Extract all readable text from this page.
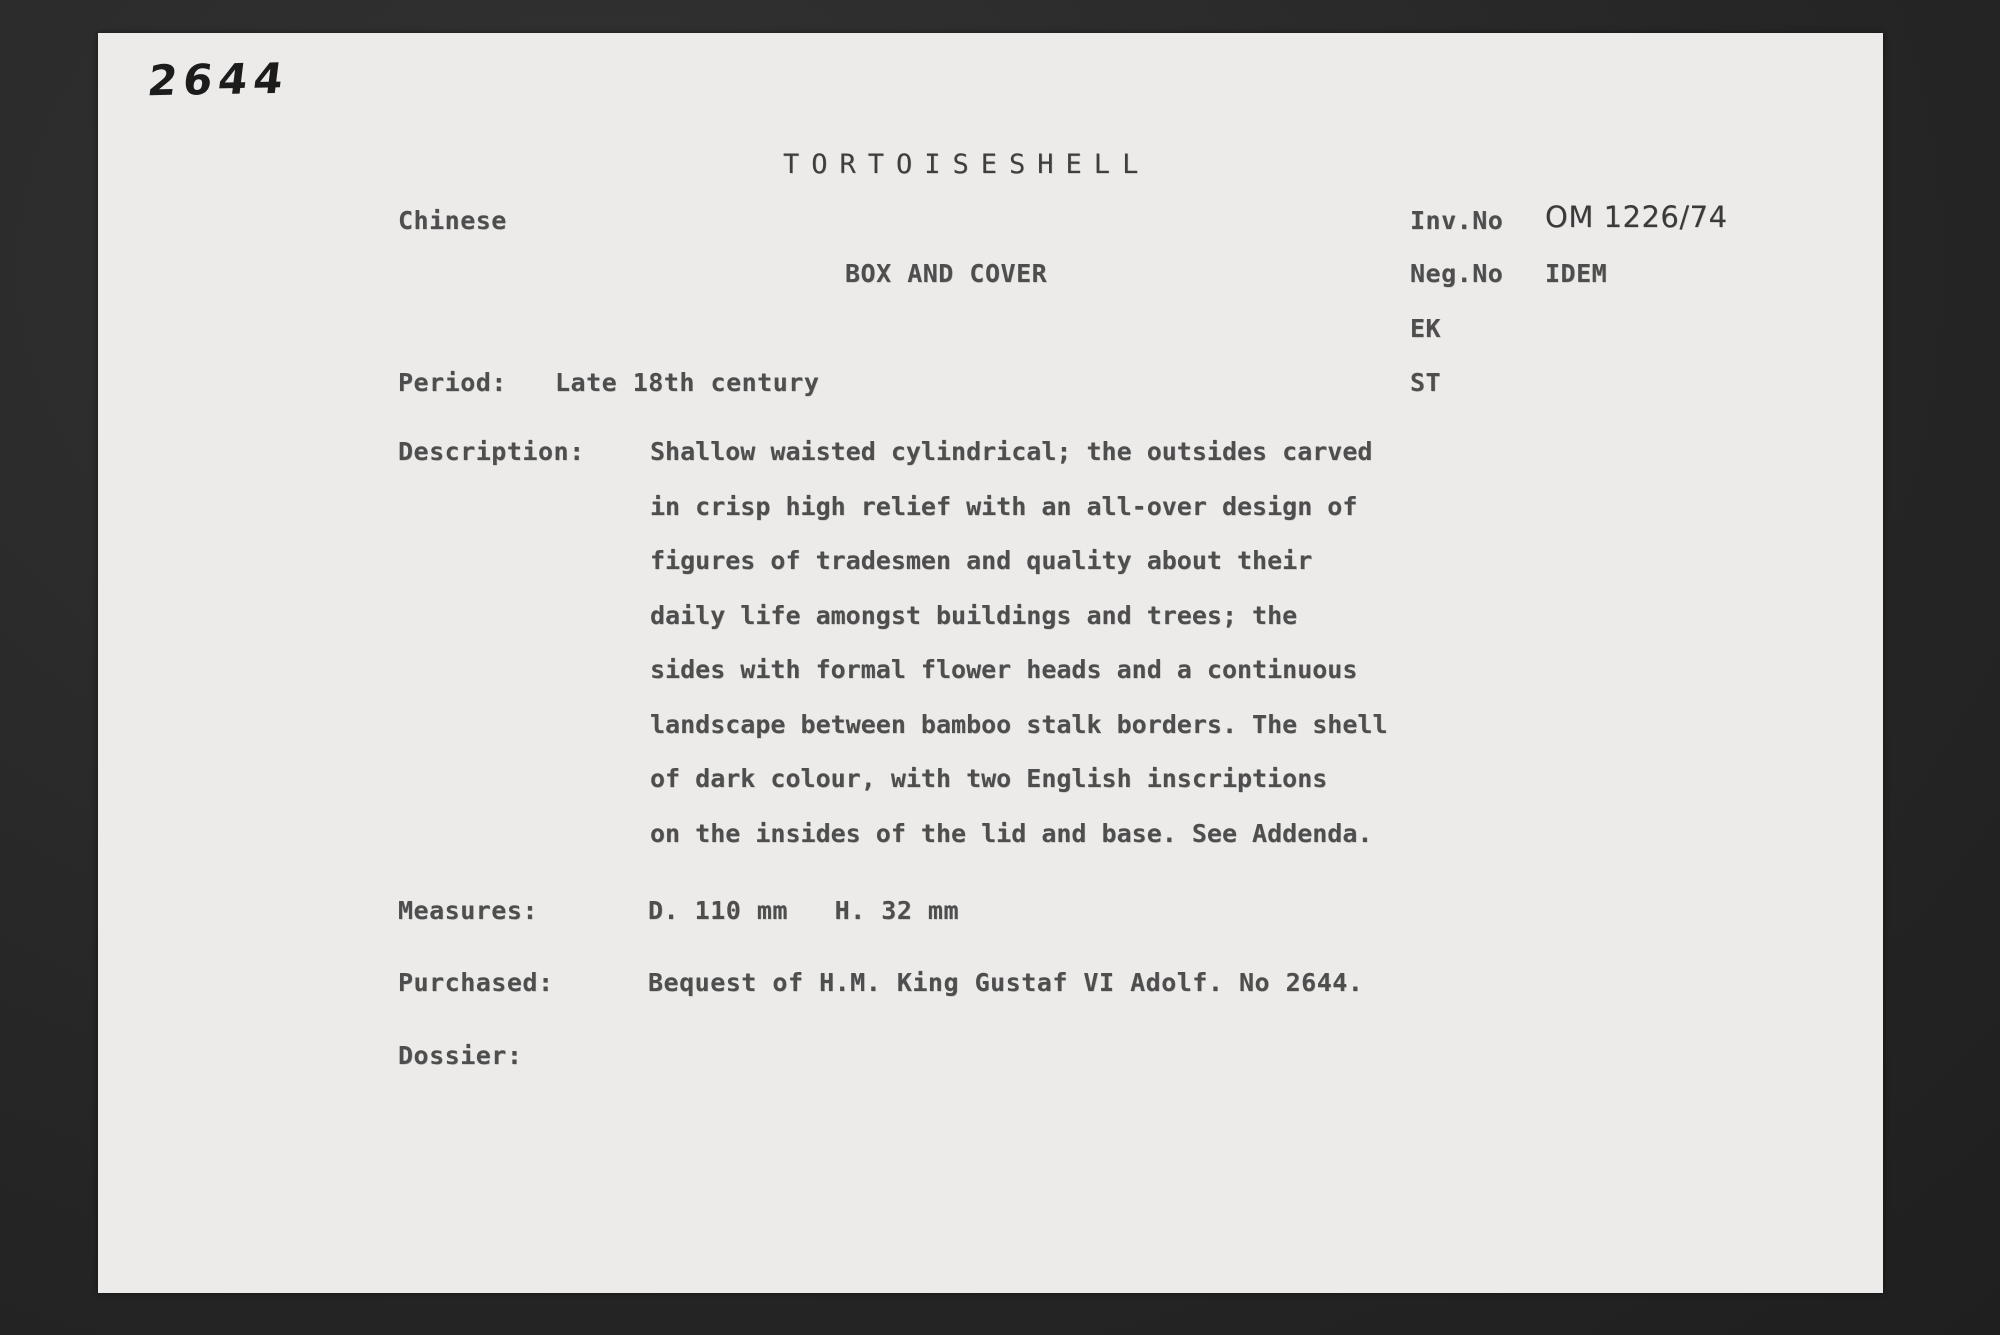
2644
TORTOISESHELL
Chinese
BOX AND COVER
Inv.No OM 1226/74
Neg.No IDEM
EK
ST
Period: Late 18th century
Description:	Shallow waisted cylindrical; the outsides carved
in crisp high relief with an all-over design of
figures of tradesmen and quality about their
daily life amongst buildings and trees; the
sides with formal flower heads and a continuous
landscape between bamboo stalk borders. The shell
of dark colour, with two English inscriptions
on the insides of the lid and base. See Addenda.
Measures:	D. 110 mm   H. 32 mm
Purchased:	Bequest of H.M. King Gustaf VI Adolf. No 2644.
Dossier:
